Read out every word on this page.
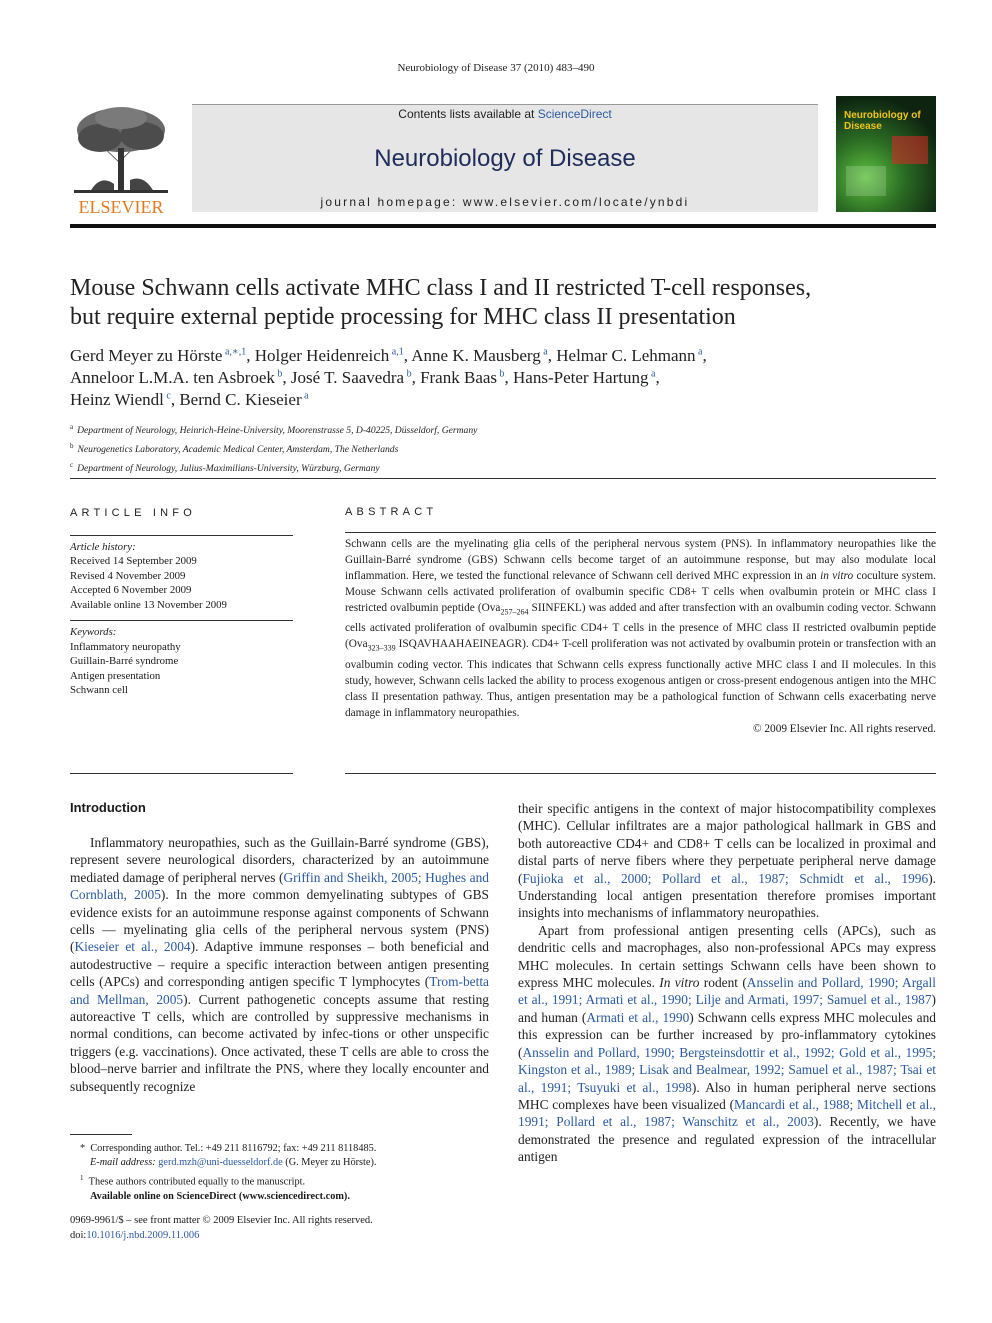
Neurobiology of Disease 37 (2010) 483–490
ELSEVIER
Contents lists available at ScienceDirect
Neurobiology of Disease
journal homepage: www.elsevier.com/locate/ynbdi
Neurobiology of Disease
Mouse Schwann cells activate MHC class I and II restricted T-cell responses,
but require external peptide processing for MHC class II presentation
Gerd Meyer zu Hörste $^{a,∗,1}$, Holger Heidenreich $^{a,1}$, Anne K. Mausberg $^a$, Helmar C. Lehmann $^a$,
Anneloor L.M.A. ten Asbroek $^b$, José T. Saavedra $^b$, Frank Baas $^b$, Hans-Peter Hartung $^a$,
Heinz Wiendl $^c$, Bernd C. Kieseier $^a$
$^a$ Department of Neurology, Heinrich-Heine-University, Moorenstrasse 5, D-40225, Düsseldorf, Germany
$^b$ Neurogenetics Laboratory, Academic Medical Center, Amsterdam, The Netherlands
$^c$ Department of Neurology, Julius-Maximilians-University, Würzburg, Germany
ARTICLE INFO
Article history:
Received 14 September 2009
Revised 4 November 2009
Accepted 6 November 2009
Available online 13 November 2009
Keywords:
Inflammatory neuropathy
Guillain-Barré syndrome
Antigen presentation
Schwann cell
ABSTRACT
Schwann cells are the myelinating glia cells of the peripheral nervous system (PNS). In inflammatory neuropathies like the Guillain-Barré syndrome (GBS) Schwann cells become target of an autoimmune response, but may also modulate local inflammation. Here, we tested the functional relevance of Schwann cell derived MHC expression in an in vitro coculture system. Mouse Schwann cells activated proliferation of ovalbumin specific CD8+ T cells when ovalbumin protein or MHC class I restricted ovalbumin peptide (Ova$_{257-264}$ SIINFEKL) was added and after transfection with an ovalbumin coding vector. Schwann cells activated proliferation of ovalbumin specific CD4+ T cells in the presence of MHC class II restricted ovalbumin peptide (Ova$_{323-339}$ ISQAVHAAHAEINEAGR). CD4+ T-cell proliferation was not activated by ovalbumin protein or transfection with an ovalbumin coding vector. This indicates that Schwann cells express functionally active MHC class I and II molecules. In this study, however, Schwann cells lacked the ability to process exogenous antigen or cross-present endogenous antigen into the MHC class II presentation pathway. Thus, antigen presentation may be a pathological function of Schwann cells exacerbating nerve damage in inflammatory neuropathies.
© 2009 Elsevier Inc. All rights reserved.
Introduction
Inflammatory neuropathies, such as the Guillain-Barré syndrome (GBS), represent severe neurological disorders, characterized by an autoimmune mediated damage of peripheral nerves (Griffin and Sheikh, 2005; Hughes and Cornblath, 2005). In the more common demyelinating subtypes of GBS evidence exists for an autoimmune response against components of Schwann cells — myelinating glia cells of the peripheral nervous system (PNS) (Kieseier et al., 2004). Adaptive immune responses – both beneficial and autodestructive – require a specific interaction between antigen presenting cells (APCs) and corresponding antigen specific T lymphocytes (Trom-betta and Mellman, 2005). Current pathogenetic concepts assume that resting autoreactive T cells, which are controlled by suppressive mechanisms in normal conditions, can become activated by infec-tions or other unspecific triggers (e.g. vaccinations). Once activated, these T cells are able to cross the blood–nerve barrier and infiltrate the PNS, where they locally encounter and subsequently recognize
their specific antigens in the context of major histocompatibility complexes (MHC). Cellular infiltrates are a major pathological hallmark in GBS and both autoreactive CD4+ and CD8+ T cells can be localized in proximal and distal parts of nerve fibers where they perpetuate peripheral nerve damage (Fujioka et al., 2000; Pollard et al., 1987; Schmidt et al., 1996). Understanding local antigen presentation therefore promises important insights into mechanisms of inflammatory neuropathies.
Apart from professional antigen presenting cells (APCs), such as dendritic cells and macrophages, also non-professional APCs may express MHC molecules. In certain settings Schwann cells have been shown to express MHC molecules. In vitro rodent (Ansselin and Pollard, 1990; Argall et al., 1991; Armati et al., 1990; Lilje and Armati, 1997; Samuel et al., 1987) and human (Armati et al., 1990) Schwann cells express MHC molecules and this expression can be further increased by pro-inflammatory cytokines (Ansselin and Pollard, 1990; Bergsteinsdottir et al., 1992; Gold et al., 1995; Kingston et al., 1989; Lisak and Bealmear, 1992; Samuel et al., 1987; Tsai et al., 1991; Tsuyuki et al., 1998). Also in human peripheral nerve sections MHC complexes have been visualized (Mancardi et al., 1988; Mitchell et al., 1991; Pollard et al., 1987; Wanschitz et al., 2003). Recently, we have demonstrated the presence and regulated expression of the intracellular antigen
* Corresponding author. Tel.: +49 211 8116792; fax: +49 211 8118485.
E-mail address: gerd.mzh@uni-duesseldorf.de (G. Meyer zu Hörste).
$^1$ These authors contributed equally to the manuscript.
Available online on ScienceDirect (www.sciencedirect.com).
0969-9961/$ – see front matter © 2009 Elsevier Inc. All rights reserved.
doi:10.1016/j.nbd.2009.11.006
